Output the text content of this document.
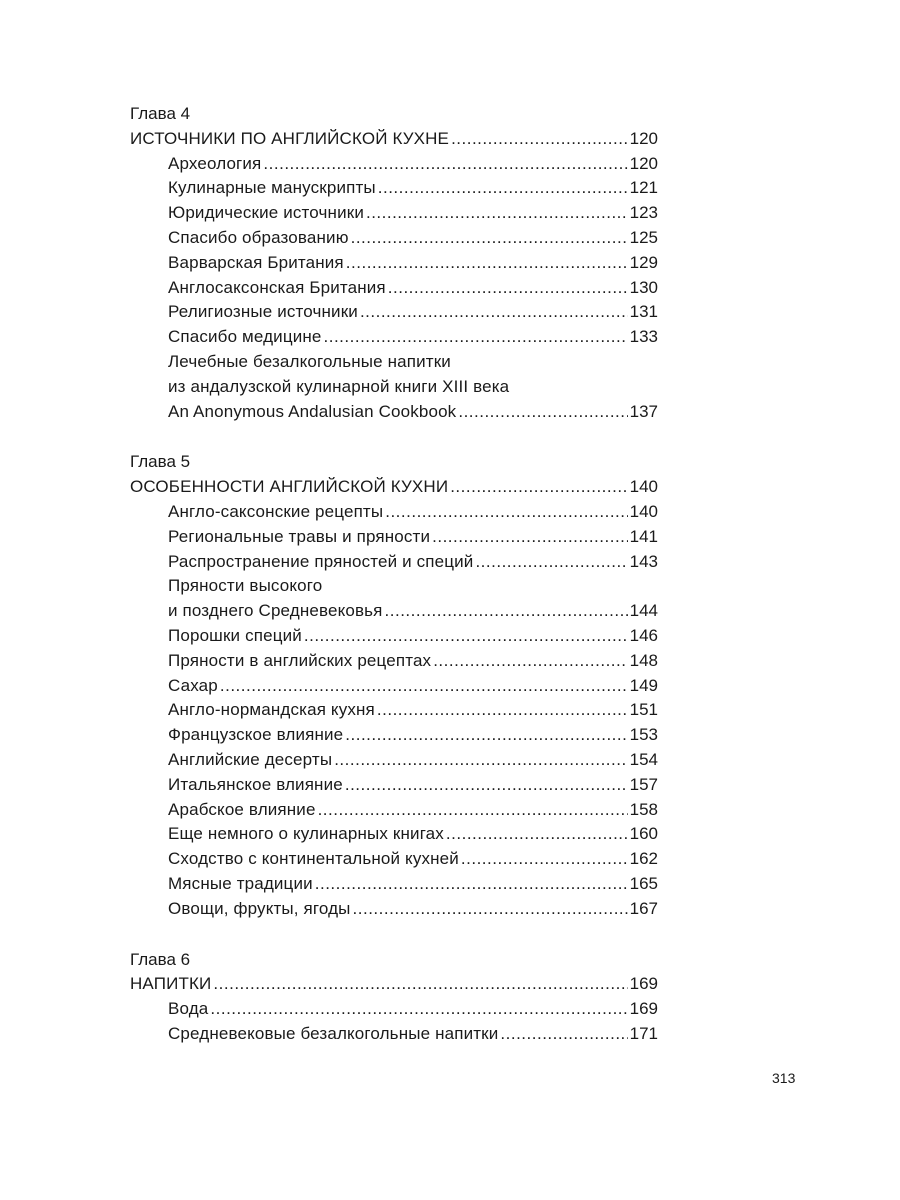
Глава 4
ИСТОЧНИКИ ПО АНГЛИЙСКОЙ КУХНЕ .....	120
Археология .....	120
Кулинарные манускрипты .....	121
Юридические источники .....	123
Спасибо образованию .....	125
Варварская Британия .....	129
Англосаксонская Британия .....	130
Религиозные источники .....	131
Спасибо медицине .....	133
Лечебные безалкогольные напитки
из андалузской кулинарной книги XIII века
An Anonymous Andalusian Cookbook .....	137
Глава 5
ОСОБЕННОСТИ АНГЛИЙСКОЙ КУХНИ .....	140
Англо-саксонские рецепты .....	140
Региональные травы и пряности .....	141
Распространение пряностей и специй .....	143
Пряности высокого
и позднего Средневековья .....	144
Порошки специй .....	146
Пряности в английских рецептах .....	148
Сахар .....	149
Англо-нормандская кухня .....	151
Французское влияние .....	153
Английские десерты .....	154
Итальянское влияние .....	157
Арабское влияние .....	158
Еще немного о кулинарных книгах .....	160
Сходство с континентальной кухней .....	162
Мясные традиции .....	165
Овощи, фрукты, ягоды .....	167
Глава 6
НАПИТКИ .....	169
Вода .....	169
Средневековые безалкогольные напитки .....	171
313
